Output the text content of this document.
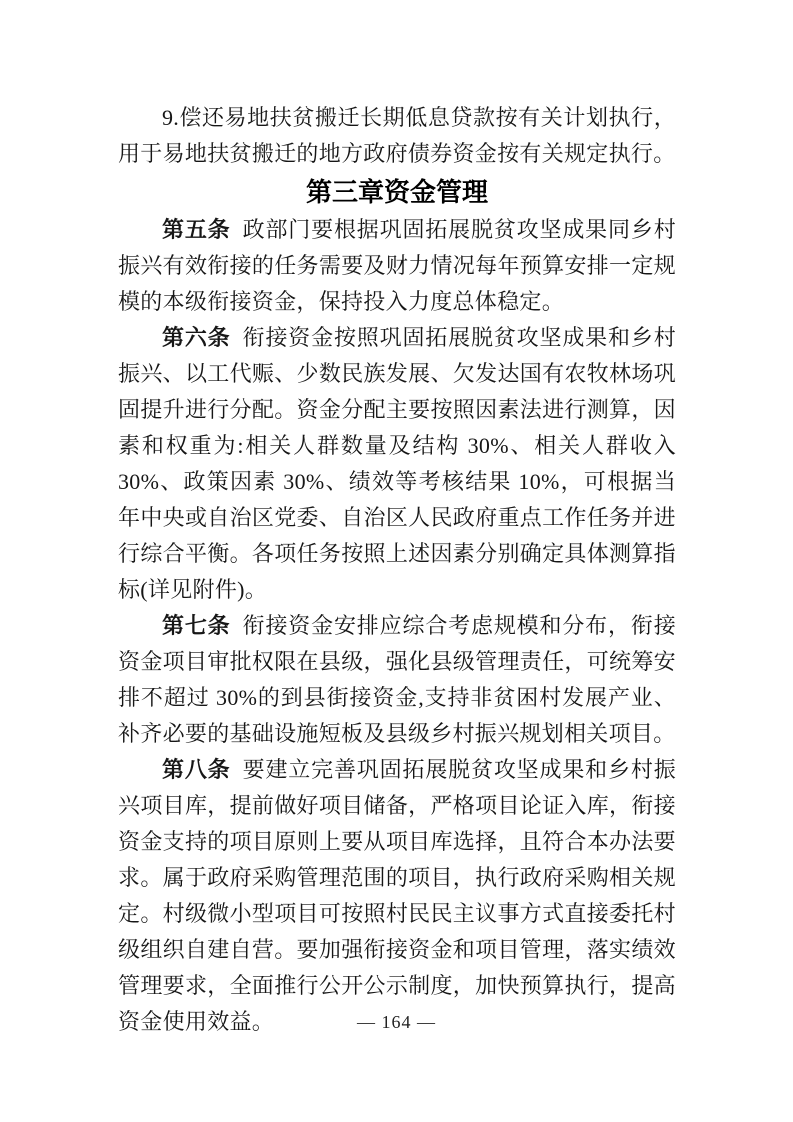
9.偿还易地扶贫搬迁长期低息贷款按有关计划执行，用于易地扶贫搬迁的地方政府债券资金按有关规定执行。

第三章资金管理

第五条 政部门要根据巩固拓展脱贫攻坚成果同乡村振兴有效衔接的任务需要及财力情况每年预算安排一定规模的本级衔接资金，保持投入力度总体稳定。

第六条 衔接资金按照巩固拓展脱贫攻坚成果和乡村振兴、以工代赈、少数民族发展、欠发达国有农牧林场巩固提升进行分配。资金分配主要按照因素法进行测算，因素和权重为:相关人群数量及结构 30%、相关人群收入 30%、政策因素 30%、绩效等考核结果 10%，可根据当年中央或自治区党委、自治区人民政府重点工作任务并进行综合平衡。各项任务按照上述因素分别确定具体测算指标(详见附件)。

第七条 衔接资金安排应综合考虑规模和分布，衔接资金项目审批权限在县级，强化县级管理责任，可统筹安排不超过 30%的到县街接资金,支持非贫困村发展产业、补齐必要的基础设施短板及县级乡村振兴规划相关项目。

第八条 要建立完善巩固拓展脱贫攻坚成果和乡村振兴项目库，提前做好项目储备，严格项目论证入库，衔接资金支持的项目原则上要从项目库选择，且符合本办法要求。属于政府采购管理范围的项目，执行政府采购相关规定。村级微小型项目可按照村民民主议事方式直接委托村级组织自建自营。要加强衔接资金和项目管理，落实绩效管理要求，全面推行公开公示制度，加快预算执行，提高资金使用效益。	— 164 —
